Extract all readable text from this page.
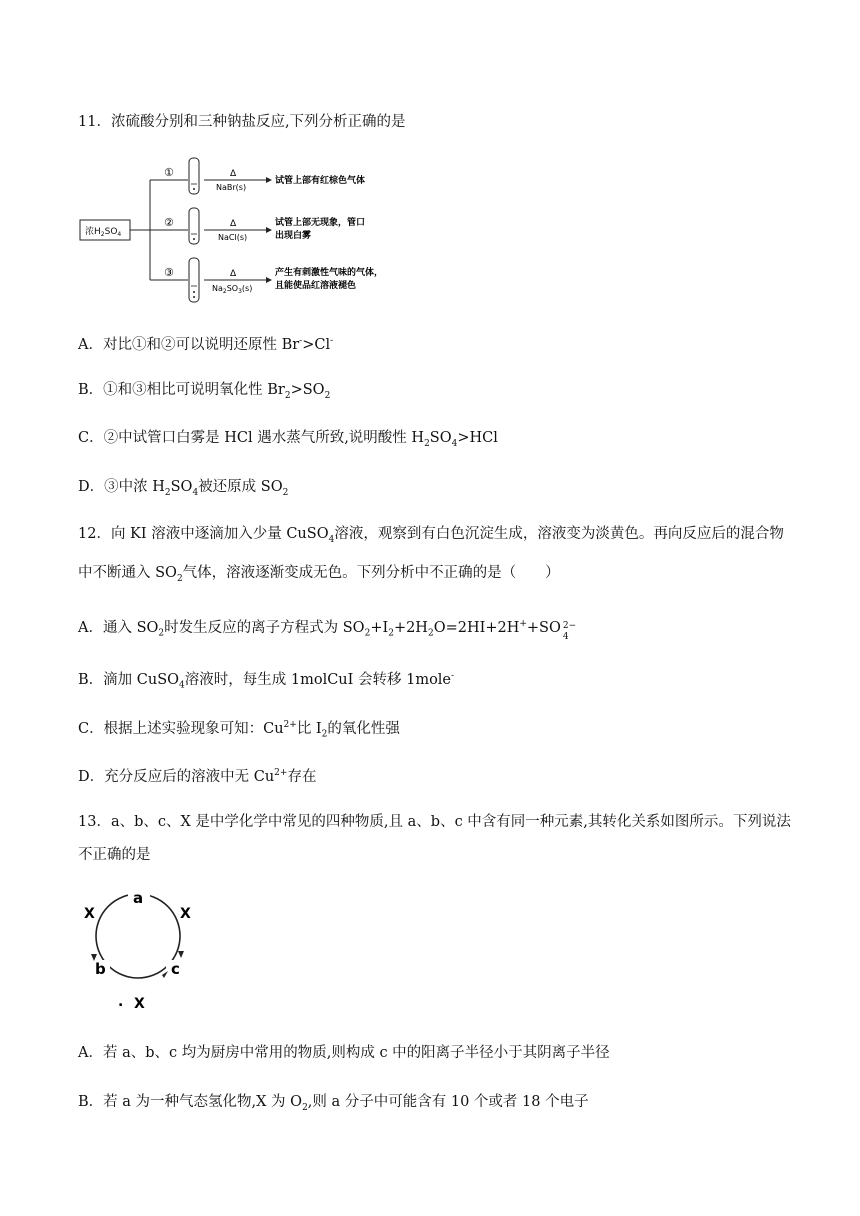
11．浓硫酸分别和三种钠盐反应,下列分析正确的是
浓$H_2SO_4$
①	Δ
NaBr(s)
试管上部有红棕色气体
②	Δ
NaCl(s)
试管上部无现象，管口
出现白雾
③	Δ
$Na_2SO_3(s)$
产生有刺激性气味的气体，
且能使品红溶液褪色
A．对比①和②可以说明还原性 Br->Cl-
B．①和③相比可说明氧化性 $Br_2>SO_2$
C．②中试管口白雾是 HCl 遇水蒸气所致,说明酸性 $H_2SO_4>HCl$
D．③中浓 $H_2SO_4$被还原成 $SO_2$
12．向 KI 溶液中逐滴加入少量 CuSO$_4$溶液，观察到有白色沉淀生成，溶液变为淡黄色。再向反应后的混合物中不断通入 $SO_2$气体，溶液逐渐变成无色。下列分析中不正确的是（　　）
A．通入 $SO_2$时发生反应的离子方程式为 $SO_2+I_2+2H_2O=2HI+2H^++SO$ 2−
4
B．滴加 CuSO$_4$溶液时，每生成 1molCuI 会转移 1mole-
C．根据上述实验现象可知：$Cu^{2+}$比 $I_2$的氧化性强
D．充分反应后的溶液中无 $Cu^{2+}$存在
13．a、b、c、X 是中学化学中常见的四种物质,且 a、b、c 中含有同一种元素,其转化关系如图所示。下列说法不正确的是
a
b	c
X	X
. X
A．若 a、b、c 均为厨房中常用的物质,则构成 c 中的阳离子半径小于其阴离子半径
B．若 a 为一种气态氢化物,X 为 $O_2$,则 a 分子中可能含有 10 个或者 18 个电子
